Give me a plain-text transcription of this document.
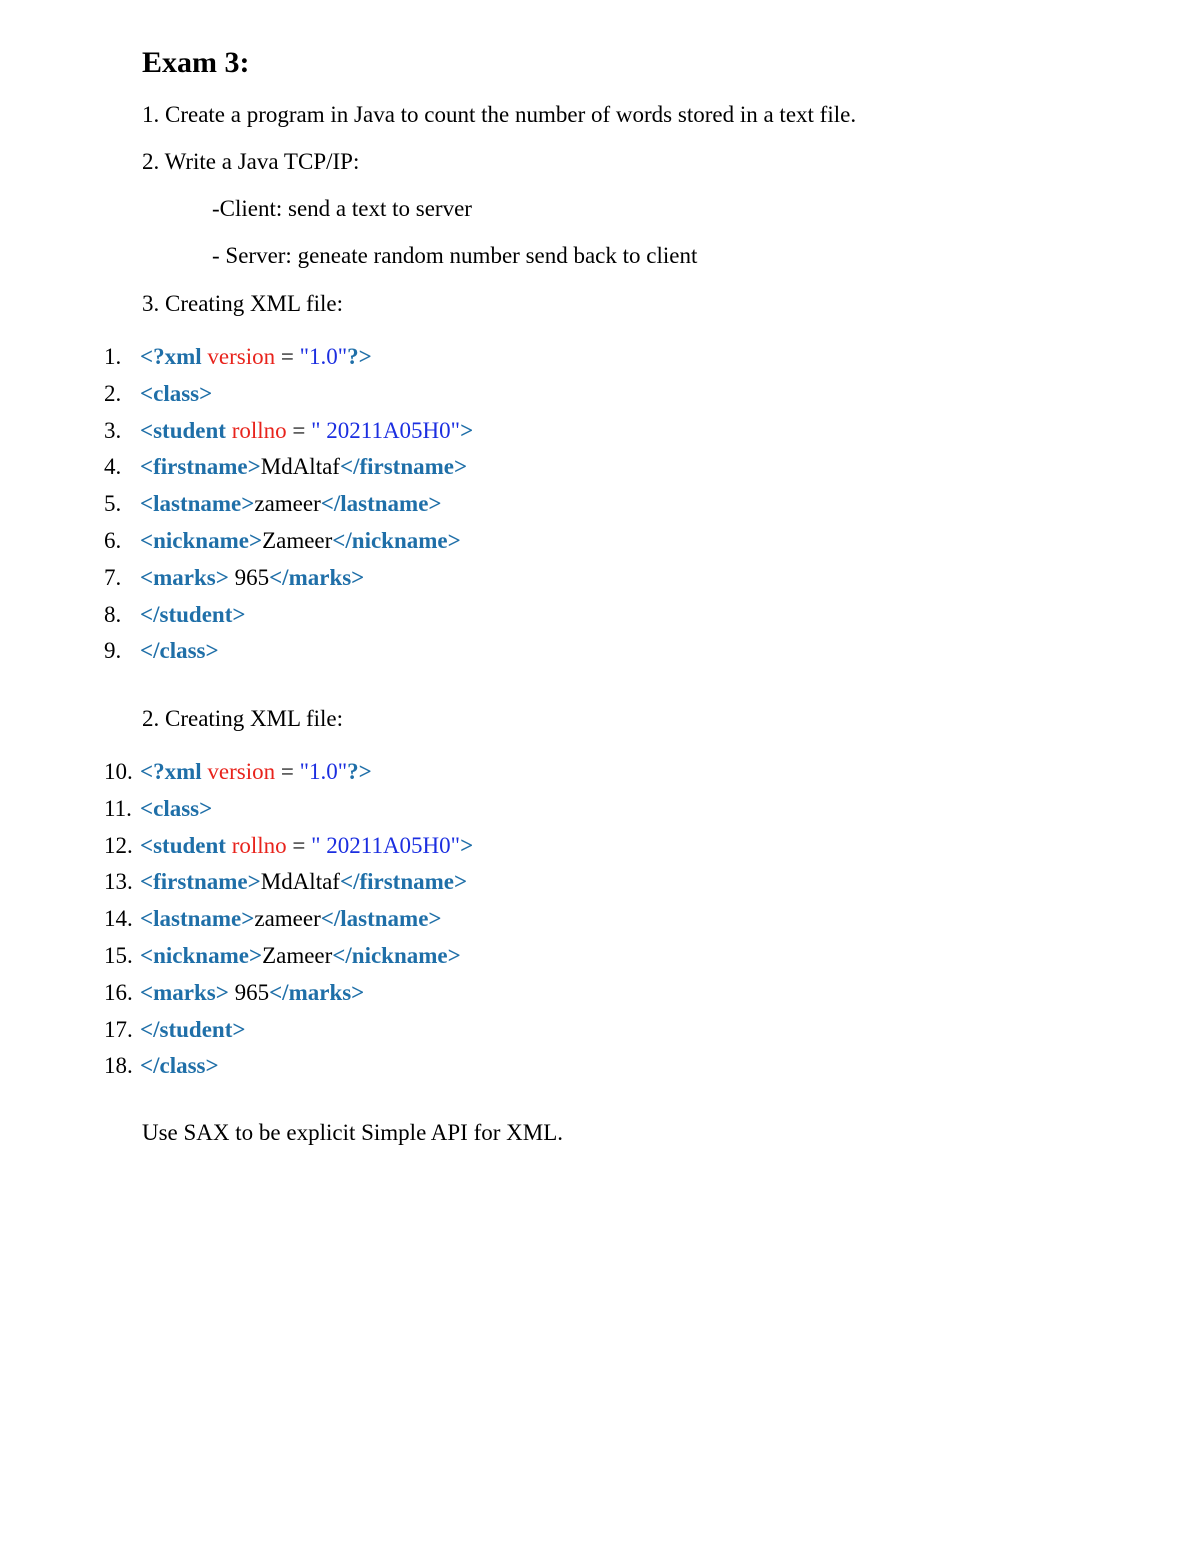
Exam 3:
1. Create a program in Java to count the number of words stored in a text file.
2. Write a Java TCP/IP:
-Client: send a text to server
- Server: geneate random number send back to client
3. Creating XML file:
1. <?xml version = "1.0"?>
2. <class>
3. <student rollno = " 20211A05H0">
4. <firstname>MdAltaf</firstname>
5. <lastname>zameer</lastname>
6. <nickname>Zameer</nickname>
7. <marks> 965</marks>
8. </student>
9. </class>
2. Creating XML file:
10. <?xml version = "1.0"?>
11. <class>
12. <student rollno = " 20211A05H0">
13. <firstname>MdAltaf</firstname>
14. <lastname>zameer</lastname>
15. <nickname>Zameer</nickname>
16. <marks> 965</marks>
17. </student>
18. </class>
Use SAX to be explicit Simple API for XML.
